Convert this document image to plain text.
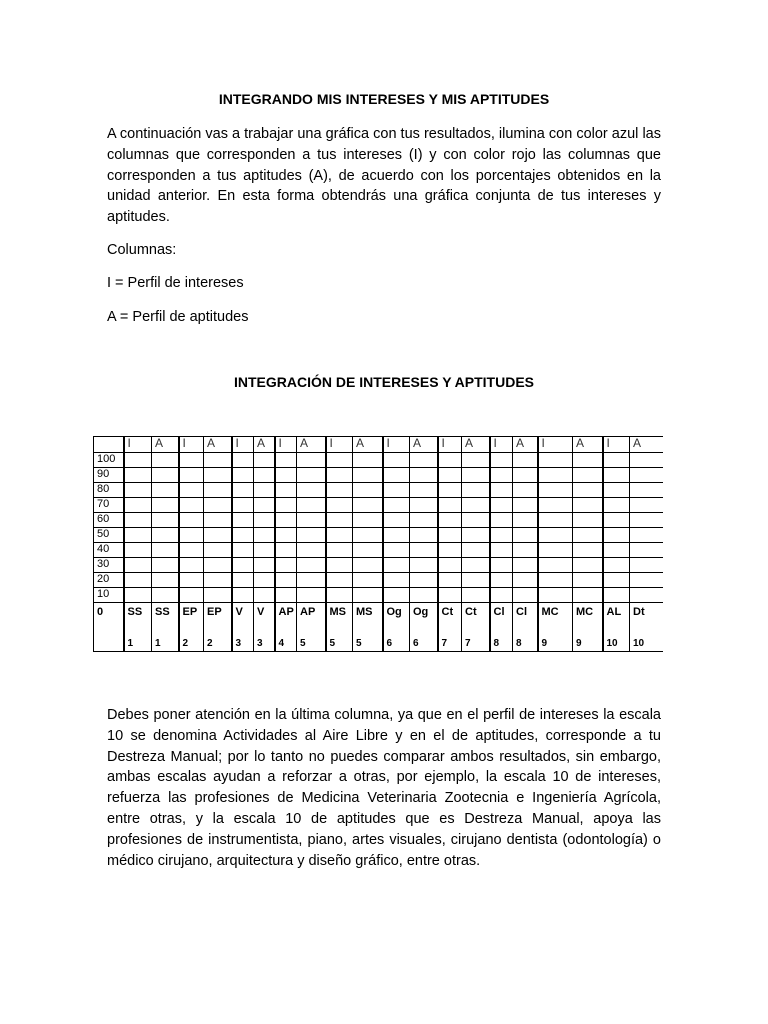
INTEGRANDO MIS INTERESES Y MIS APTITUDES

A continuación vas a trabajar una gráfica con tus resultados, ilumina con color azul las columnas que corresponden a tus intereses (I) y con color rojo las columnas que corresponden a tus aptitudes (A), de acuerdo con los porcentajes obtenidos en la unidad anterior. En esta forma obtendrás una gráfica conjunta de tus intereses y aptitudes.

Columnas:

I = Perfil de intereses

A = Perfil de aptitudes

INTEGRACIÓN DE INTERESES Y APTITUDES
	I	A	I	A	I	A	I	A	I	A	I	A	I	A	I	A	I	A	I	A
100																				
90																				
80																				
70																				
60																				
50																				
40																				
30																				
20																				
10																				
0	SS	SS	EP	EP	V	V	AP	AP	MS	MS	Og	Og	Ct	Ct	Cl	Cl	MC	MC	AL	Dt
	1	1	2	2	3	3	4	5	5	5	6	6	7	7	8	8	9	9	10	10

Debes poner atención en la última columna, ya que en el perfil de intereses la escala 10 se denomina Actividades al Aire Libre y en el de aptitudes, corresponde a tu Destreza Manual; por lo tanto no puedes comparar ambos resultados, sin embargo, ambas escalas ayudan a reforzar a otras, por ejemplo, la escala 10 de intereses, refuerza las profesiones de Medicina Veterinaria Zootecnia e Ingeniería Agrícola, entre otras, y la escala 10 de aptitudes que es Destreza Manual, apoya las profesiones de instrumentista, piano, artes visuales, cirujano dentista (odontología) o médico cirujano, arquitectura y diseño gráfico, entre otras.
